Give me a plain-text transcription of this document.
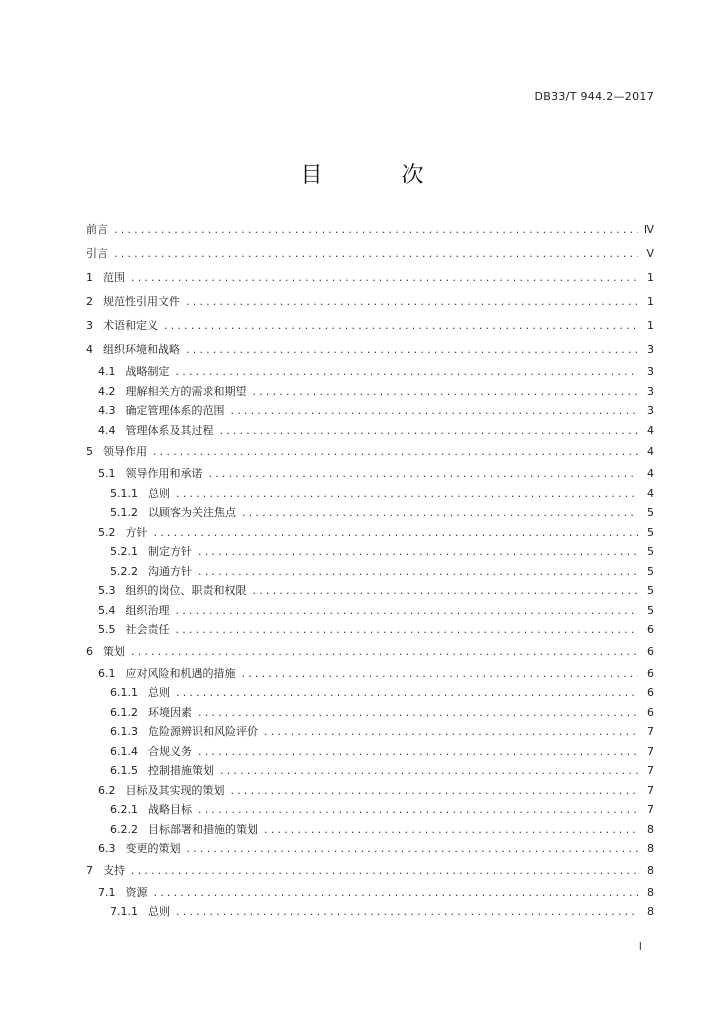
DB33/T 944.2—2017
目 次
前言 .....	Ⅳ
引言 .....	Ⅴ
1 范围 .....	1
2 规范性引用文件 .....	1
3 术语和定义 .....	1
4 组织环境和战略 .....	3
4.1 战略制定 .....	3
4.2 理解相关方的需求和期望 .....	3
4.3 确定管理体系的范围 .....	3
4.4 管理体系及其过程 .....	4
5 领导作用 .....	4
5.1 领导作用和承诺 .....	4
5.1.1 总则 .....	4
5.1.2 以顾客为关注焦点 .....	5
5.2 方针 .....	5
5.2.1 制定方针 .....	5
5.2.2 沟通方针 .....	5
5.3 组织的岗位、职责和权限 .....	5
5.4 组织治理 .....	5
5.5 社会责任 .....	6
6 策划 .....	6
6.1 应对风险和机遇的措施 .....	6
6.1.1 总则 .....	6
6.1.2 环境因素 .....	6
6.1.3 危险源辨识和风险评价 .....	7
6.1.4 合规义务 .....	7
6.1.5 控制措施策划 .....	7
6.2 目标及其实现的策划 .....	7
6.2.1 战略目标 .....	7
6.2.2 目标部署和措施的策划 .....	8
6.3 变更的策划 .....	8
7 支持 .....	8
7.1 资源 .....	8
7.1.1 总则 .....	8
Ⅰ
